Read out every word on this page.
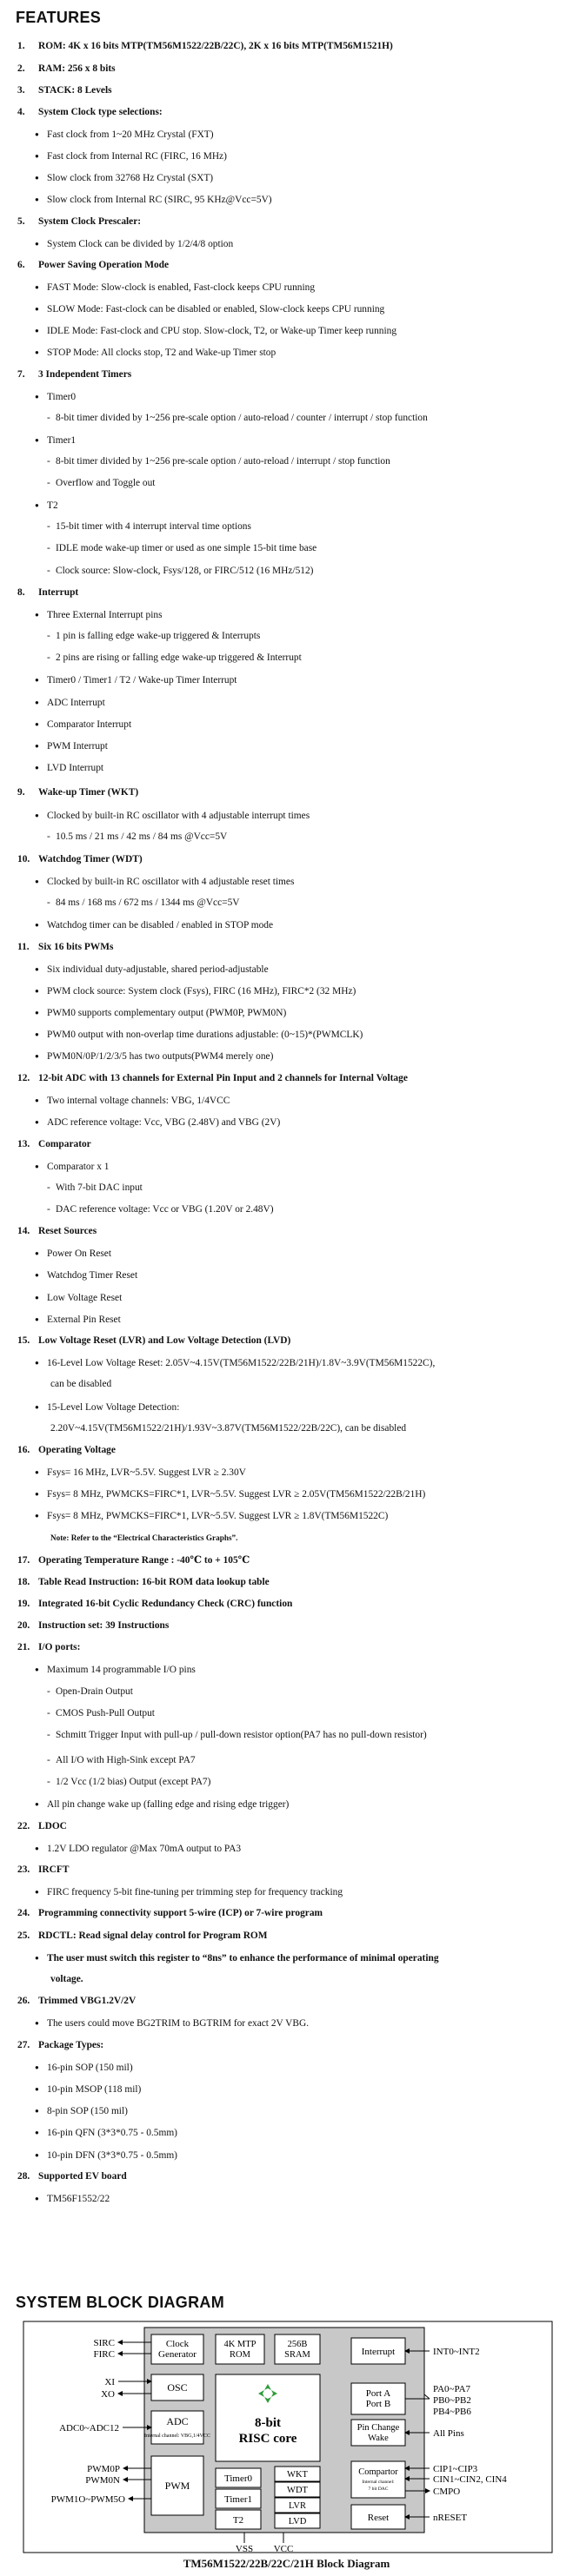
FEATURES
1. ROM: 4K x 16 bits MTP(TM56M1522/22B/22C), 2K x 16 bits MTP(TM56M1521H)
2. RAM: 256 x 8 bits
3. STACK: 8 Levels
4. System Clock type selections:
● Fast clock from 1~20 MHz Crystal (FXT)
● Fast clock from Internal RC (FIRC, 16 MHz)
● Slow clock from 32768 Hz Crystal (SXT)
● Slow clock from Internal RC (SIRC, 95 KHz@Vcc=5V)
5. System Clock Prescaler:
● System Clock can be divided by 1/2/4/8 option
6. Power Saving Operation Mode
● FAST Mode: Slow-clock is enabled, Fast-clock keeps CPU running
● SLOW Mode: Fast-clock can be disabled or enabled, Slow-clock keeps CPU running
● IDLE Mode: Fast-clock and CPU stop. Slow-clock, T2, or Wake-up Timer keep running
● STOP Mode: All clocks stop, T2 and Wake-up Timer stop
7. 3 Independent Timers
● Timer0
- 8-bit timer divided by 1~256 pre-scale option / auto-reload / counter / interrupt / stop function
● Timer1
- 8-bit timer divided by 1~256 pre-scale option / auto-reload / interrupt / stop function
- Overflow and Toggle out
● T2
- 15-bit timer with 4 interrupt interval time options
- IDLE mode wake-up timer or used as one simple 15-bit time base
- Clock source: Slow-clock, Fsys/128, or FIRC/512 (16 MHz/512)
8. Interrupt
● Three External Interrupt pins
- 1 pin is falling edge wake-up triggered & Interrupts
- 2 pins are rising or falling edge wake-up triggered & Interrupt
● Timer0 / Timer1 / T2 / Wake-up Timer Interrupt
● ADC Interrupt
● Comparator Interrupt
● PWM Interrupt
● LVD Interrupt
9. Wake-up Timer (WKT)
● Clocked by built-in RC oscillator with 4 adjustable interrupt times
- 10.5 ms / 21 ms / 42 ms / 84 ms @Vcc=5V
10. Watchdog Timer (WDT)
● Clocked by built-in RC oscillator with 4 adjustable reset times
- 84 ms / 168 ms / 672 ms / 1344 ms @Vcc=5V
● Watchdog timer can be disabled / enabled in STOP mode
11. Six 16 bits PWMs
● Six individual duty-adjustable, shared period-adjustable
● PWM clock source: System clock (Fsys), FIRC (16 MHz), FIRC*2 (32 MHz)
● PWM0 supports complementary output (PWM0P, PWM0N)
● PWM0 output with non-overlap time durations adjustable: (0~15)*(PWMCLK)
● PWM0N/0P/1/2/3/5 has two outputs(PWM4 merely one)
12. 12-bit ADC with 13 channels for External Pin Input and 2 channels for Internal Voltage
● Two internal voltage channels: VBG, 1/4VCC
● ADC reference voltage: Vcc, VBG (2.48V) and VBG (2V)
13. Comparator
● Comparator x 1
- With 7-bit DAC input
- DAC reference voltage: Vcc or VBG (1.20V or 2.48V)
14. Reset Sources
● Power On Reset
● Watchdog Timer Reset
● Low Voltage Reset
● External Pin Reset
15. Low Voltage Reset (LVR) and Low Voltage Detection (LVD)
● 16-Level Low Voltage Reset: 2.05V~4.15V(TM56M1522/22B/21H)/1.8V~3.9V(TM56M1522C),
can be disabled
● 15-Level Low Voltage Detection:
2.20V~4.15V(TM56M1522/21H)/1.93V~3.87V(TM56M1522/22B/22C), can be disabled
16. Operating Voltage
● Fsys= 16 MHz, LVR~5.5V. Suggest LVR ≥ 2.30V
● Fsys= 8 MHz, PWMCKS=FIRC*1, LVR~5.5V. Suggest LVR ≥ 2.05V(TM56M1522/22B/21H)
● Fsys= 8 MHz, PWMCKS=FIRC*1, LVR~5.5V. Suggest LVR ≥ 1.8V(TM56M1522C)
Note: Refer to the “Electrical Characteristics Graphs”.
17. Operating Temperature Range : -40℃ to + 105℃
18. Table Read Instruction: 16-bit ROM data lookup table
19. Integrated 16-bit Cyclic Redundancy Check (CRC) function
20. Instruction set: 39 Instructions
21. I/O ports:
● Maximum 14 programmable I/O pins
- Open-Drain Output
- CMOS Push-Pull Output
- Schmitt Trigger Input with pull-up / pull-down resistor option(PA7 has no pull-down resistor)
- All I/O with High-Sink except PA7
- 1/2 Vcc (1/2 bias) Output (except PA7)
● All pin change wake up (falling edge and rising edge trigger)
22. LDOC
● 1.2V LDO regulator @Max 70mA output to PA3
23. IRCFT
● FIRC frequency 5-bit fine-tuning per trimming step for frequency tracking
24. Programming connectivity support 5-wire (ICP) or 7-wire program
25. RDCTL: Read signal delay control for Program ROM
● The user must switch this register to “8ns” to enhance the performance of minimal operating
voltage.
26. Trimmed VBG1.2V/2V
● The users could move BG2TRIM to BGTRIM for exact 2V VBG.
27. Package Types:
● 16-pin SOP (150 mil)
● 10-pin MSOP (118 mil)
● 8-pin SOP (150 mil)
● 16-pin QFN (3*3*0.75 - 0.5mm)
● 10-pin DFN (3*3*0.75 - 0.5mm)
28. Supported EV board
● TM56F1552/22
SYSTEM BLOCK DIAGRAM
Clock Generator
OSC
ADC
Internal channel: VBG,1/4VCC
PWM
4K MTP ROM
256B SRAM
8-bit
RISC core
Timer0
Timer1
T2
WKT
WDT
LVR
LVD
Interrupt
Port A Port B
Pin Change Wake
Compartor
Internal channel: 7 bit DAC
Reset
SIRC
FIRC
XI
XO
ADC0~ADC12
PWM0P
PWM0N
PWM1O~PWM5O
INT0~INT2
PA0~PA7
PB0~PB2
PB4~PB6
All Pins
CIP1~CIP3
CIN1~CIN2, CIN4
CMPO
nRESET
VSS VCC
TM56M1522/22B/22C/21H Block Diagram
